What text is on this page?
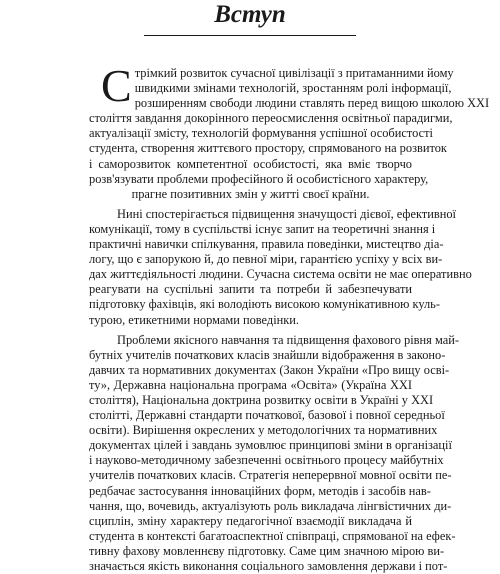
Вступ
С трімкий розвиток сучасної цивілізації з притаманними йому
швидкими змінами технологій, зростанням ролі інформації,
розширенням свободи людини ставлять перед вищою школою XXI
століття завдання докорінного переосмислення освітньої парадигми,
актуалізації змісту, технологій формування успішної особистості
студента, створення життєвого простору, спрямованого на розвиток
і саморозвиток компетентної особистості, яка вміє творчо
розв'язувати проблеми професійного й особистісного характеру,
прагне позитивних змін у житті своєї країни.
Нині спостерігається підвищення значущості дієвої, ефективної
комунікації, тому в суспільстві існує запит на теоретичні знання і
практичні навички спілкування, правила поведінки, мистецтво діа-
логу, що є запорукою й, до певної міри, гарантією успіху у всіх ви-
дах життєдіяльності людини. Сучасна система освіти не має оперативно
реагувати на суспільні запити та потреби й забезпечувати
підготовку фахівців, які володіють високою комунікативною куль-
турою, етикетними нормами поведінки.
Проблеми якісного навчання та підвищення фахового рівня май-
бутніх учителів початкових класів знайшли відображення в законо-
давчих та нормативних документах (Закон України «Про вищу осві-
ту», Державна національна програма «Освіта» (Україна XXI
століття), Національна доктрина розвитку освіти в Україні у XXI
столітті, Державні стандарти початкової, базової і повної середньої
освіти). Вирішення окреслених у методологічних та нормативних
документах цілей і завдань зумовлює принципові зміни в організації
і науково-методичному забезпеченні освітнього процесу майбутніх
учителів початкових класів. Стратегія неперервної мовної освіти пе-
редбачає застосування інноваційних форм, методів і засобів нав-
чання, що, вочевидь, актуалізують роль викладача лінгвістичних ди-
сциплін, зміну характеру педагогічної взаємодії викладача й
студента в контексті багатоаспектної співпраці, спрямованої на ефек-
тивну фахову мовленнєву підготовку. Саме цим значною мірою ви-
значається якість виконання соціального замовлення держави і пот-
